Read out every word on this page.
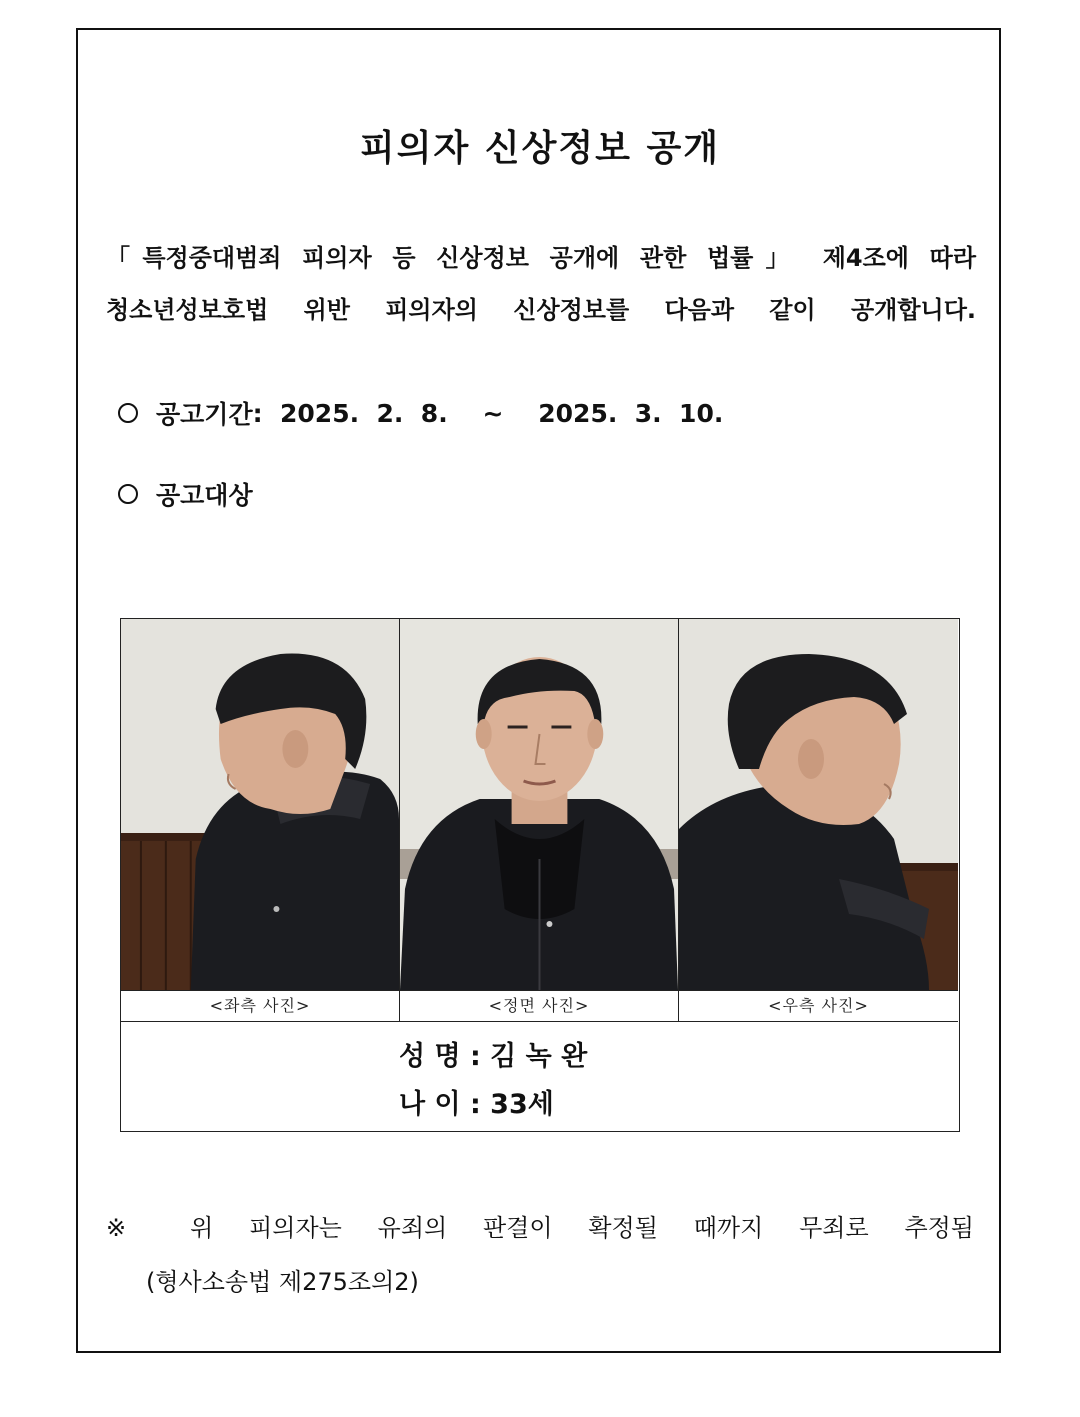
피의자 신상정보 공개
「특정중대범죄 피의자 등 신상정보 공개에 관한 법률」 제4조에 따라
청소년성보호법 위반 피의자의 신상정보를 다음과 같이 공개합니다.
공고기간 :  2025.  2.  8.    ~    2025.  3.  10.
공고대상
<좌측 사진>	<정면 사진>	<우측 사진>
성 명 : 김 녹 완
나 이 : 33세
※ 위 피의자는 유죄의 판결이 확정될 때까지 무죄로 추정됨
(형사소송법 제275조의2)
